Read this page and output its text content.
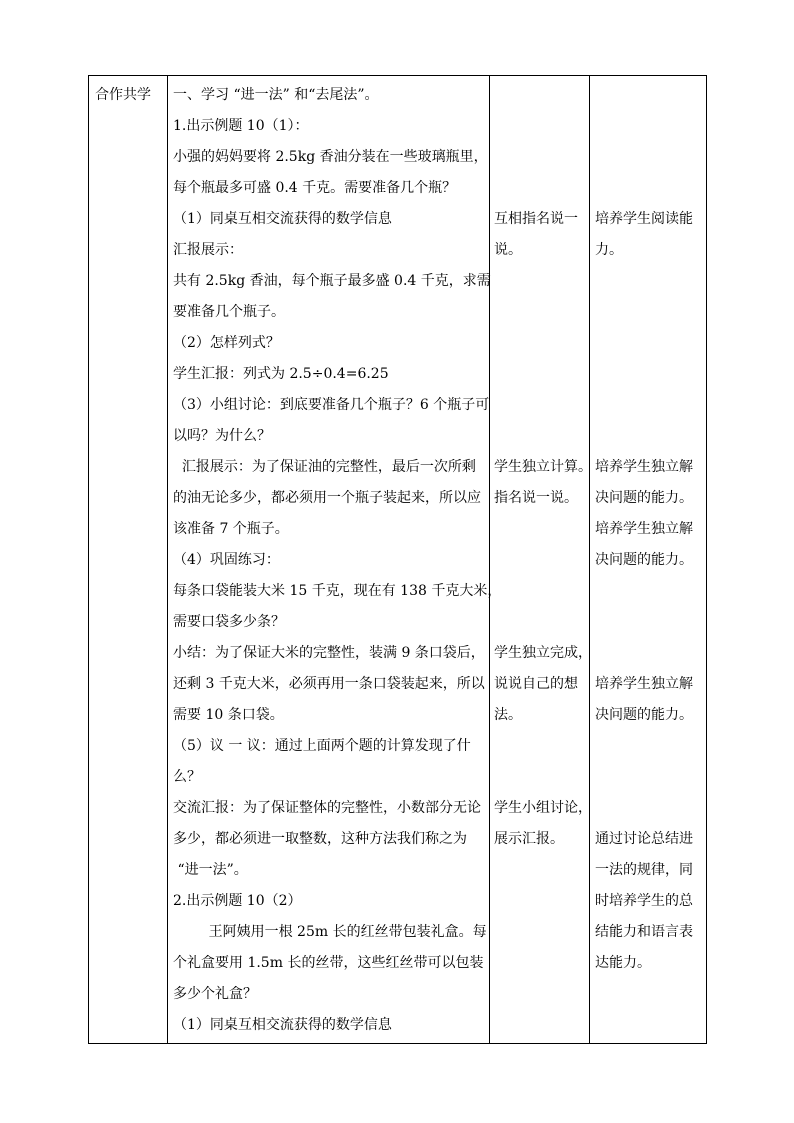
合作共学 一、学习 “进一法” 和“去尾法”。
1.出示例题 10（1）：
小强的妈妈要将 2.5kg 香油分装在一些玻璃瓶里，
每个瓶最多可盛 0.4 千克。需要准备几个瓶？
（1）同桌互相交流获得的数学信息
汇报展示：
共有 2.5kg 香油，每个瓶子最多盛 0.4 千克，求需
要准备几个瓶子。
（2）怎样列式？
学生汇报：列式为 2.5÷0.4=6.25
（3）小组讨论：到底要准备几个瓶子？6 个瓶子可
以吗？为什么？
汇报展示：为了保证油的完整性，最后一次所剩
的油无论多少，都必须用一个瓶子装起来，所以应
该准备 7 个瓶子。
（4）巩固练习：
每条口袋能装大米 15 千克，现在有 138 千克大米，
需要口袋多少条？
小结：为了保证大米的完整性，装满 9 条口袋后，
还剩 3 千克大米，必须再用一条口袋装起来，所以
需要 10 条口袋。
（5）议 一 议：通过上面两个题的计算发现了什
么？
交流汇报：为了保证整体的完整性，小数部分无论
多少，都必须进一取整数，这种方法我们称之为
“进一法”。
2.出示例题 10（2）
王阿姨用一根 25m 长的红丝带包装礼盒。每
个礼盒要用 1.5m 长的丝带，这些红丝带可以包装
多少个礼盒？
（1）同桌互相交流获得的数学信息
互相指名说一
说。
学生独立计算。
指名说一说。
学生独立完成，
说说自己的想
法。
学生小组讨论，
展示汇报。
培养学生阅读能
力。
培养学生独立解
决问题的能力。
培养学生独立解
决问题的能力。
培养学生独立解
决问题的能力。
通过讨论总结进
一法的规律，同
时培养学生的总
结能力和语言表
达能力。
